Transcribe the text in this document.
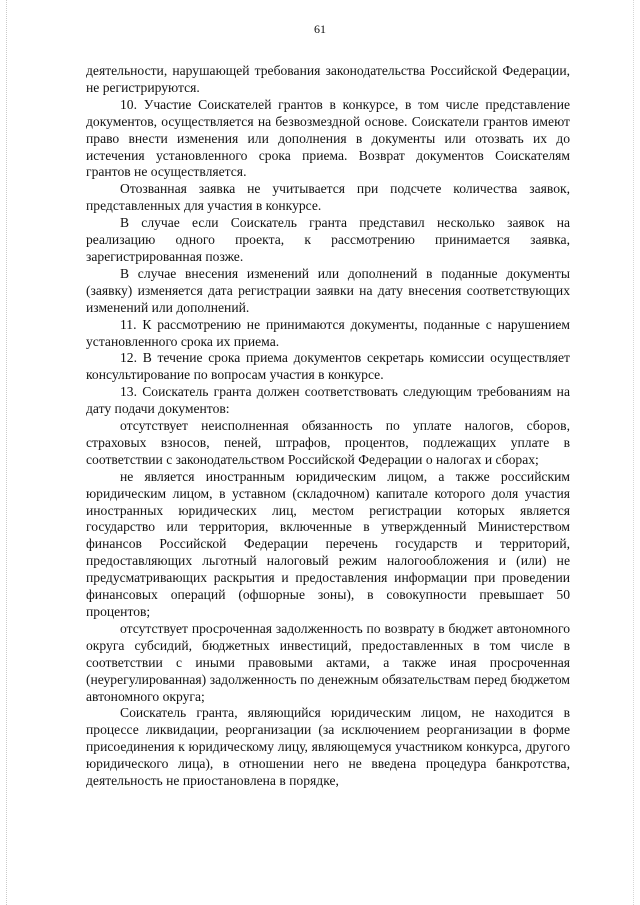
61

деятельности, нарушающей требования законодательства Российской Федерации, не регистрируются.

10. Участие Соискателей грантов в конкурсе, в том числе представление документов, осуществляется на безвозмездной основе. Соискатели грантов имеют право внести изменения или дополнения в документы или отозвать их до истечения установленного срока приема. Возврат документов Соискателям грантов не осуществляется.

Отозванная заявка не учитывается при подсчете количества заявок, представленных для участия в конкурсе.

В случае если Соискатель гранта представил несколько заявок на реализацию одного проекта, к рассмотрению принимается заявка, зарегистрированная позже.

В случае внесения изменений или дополнений в поданные документы (заявку) изменяется дата регистрации заявки на дату внесения соответствующих изменений или дополнений.

11. К рассмотрению не принимаются документы, поданные с нарушением установленного срока их приема.

12. В течение срока приема документов секретарь комиссии осуществляет консультирование по вопросам участия в конкурсе.

13. Соискатель гранта должен соответствовать следующим требованиям на дату подачи документов:

отсутствует неисполненная обязанность по уплате налогов, сборов, страховых взносов, пеней, штрафов, процентов, подлежащих уплате в соответствии с законодательством Российской Федерации о налогах и сборах;

не является иностранным юридическим лицом, а также российским юридическим лицом, в уставном (складочном) капитале которого доля участия иностранных юридических лиц, местом регистрации которых является государство или территория, включенные в утвержденный Министерством финансов Российской Федерации перечень государств и территорий, предоставляющих льготный налоговый режим налогообложения и (или) не предусматривающих раскрытия и предоставления информации при проведении финансовых операций (офшорные зоны), в совокупности превышает 50 процентов;

отсутствует просроченная задолженность по возврату в бюджет автономного округа субсидий, бюджетных инвестиций, предоставленных в том числе в соответствии с иными правовыми актами, а также иная просроченная (неурегулированная) задолженность по денежным обязательствам перед бюджетом автономного округа;

Соискатель гранта, являющийся юридическим лицом, не находится в процессе ликвидации, реорганизации (за исключением реорганизации в форме присоединения к юридическому лицу, являющемуся участником конкурса, другого юридического лица), в отношении него не введена процедура банкротства, деятельность не приостановлена в порядке,
